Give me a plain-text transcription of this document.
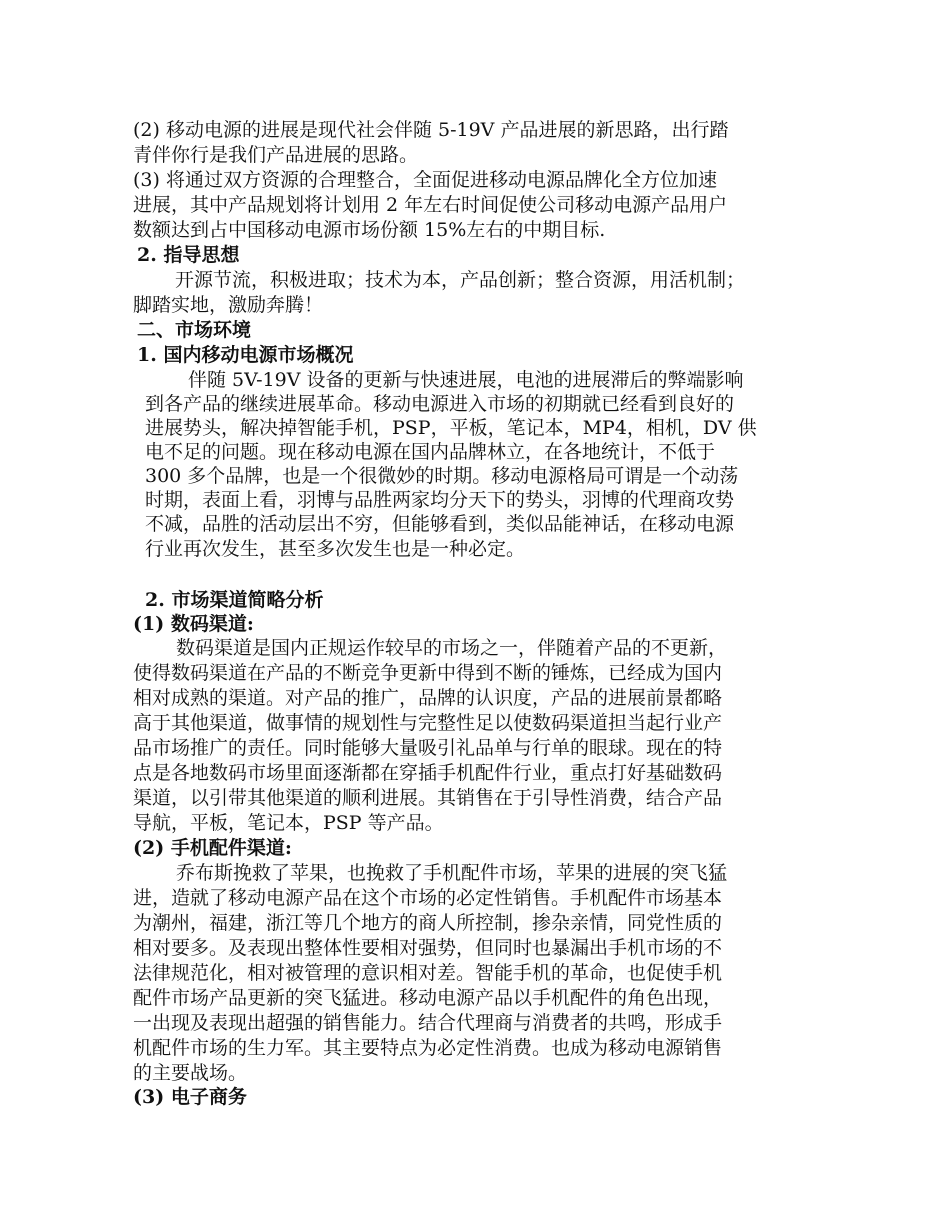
(2) 移动电源的进展是现代社会伴随 5-19V 产品进展的新思路，出行踏
青伴你行是我们产品进展的思路。
(3) 将通过双方资源的合理整合，全面促进移动电源品牌化全方位加速
进展，其中产品规划将计划用 2 年左右时间促使公司移动电源产品用户
数额达到占中国移动电源市场份额 15%左右的中期目标.
2. 指导思想
开源节流，积极进取；技术为本，产品创新；整合资源，用活机制；
脚踏实地，激励奔腾！
二、市场环境
1. 国内移动电源市场概况
伴随 5V-19V 设备的更新与快速进展，电池的进展滞后的弊端影响
到各产品的继续进展革命。移动电源进入市场的初期就已经看到良好的
进展势头，解决掉智能手机，PSP，平板，笔记本，MP4，相机，DV 供
电不足的问题。现在移动电源在国内品牌林立，在各地统计，不低于
300 多个品牌，也是一个很微妙的时期。移动电源格局可谓是一个动荡
时期，表面上看，羽博与品胜两家均分天下的势头，羽博的代理商攻势
不减，品胜的活动层出不穷，但能够看到，类似品能神话，在移动电源
行业再次发生，甚至多次发生也是一种必定。
2. 市场渠道简略分析
(1) 数码渠道:
数码渠道是国内正规运作较早的市场之一，伴随着产品的不更新，
使得数码渠道在产品的不断竞争更新中得到不断的锤炼，已经成为国内
相对成熟的渠道。对产品的推广，品牌的认识度，产品的进展前景都略
高于其他渠道，做事情的规划性与完整性足以使数码渠道担当起行业产
品市场推广的责任。同时能够大量吸引礼品单与行单的眼球。现在的特
点是各地数码市场里面逐渐都在穿插手机配件行业，重点打好基础数码
渠道，以引带其他渠道的顺利进展。其销售在于引导性消费，结合产品
导航，平板，笔记本，PSP 等产品。
(2) 手机配件渠道:
乔布斯挽救了苹果，也挽救了手机配件市场，苹果的进展的突飞猛
进，造就了移动电源产品在这个市场的必定性销售。手机配件市场基本
为潮州，福建，浙江等几个地方的商人所控制，掺杂亲情，同党性质的
相对要多。及表现出整体性要相对强势，但同时也暴漏出手机市场的不
法律规范化，相对被管理的意识相对差。智能手机的革命，也促使手机
配件市场产品更新的突飞猛进。移动电源产品以手机配件的角色出现，
一出现及表现出超强的销售能力。结合代理商与消费者的共鸣，形成手
机配件市场的生力军。其主要特点为必定性消费。也成为移动电源销售
的主要战场。
(3) 电子商务
